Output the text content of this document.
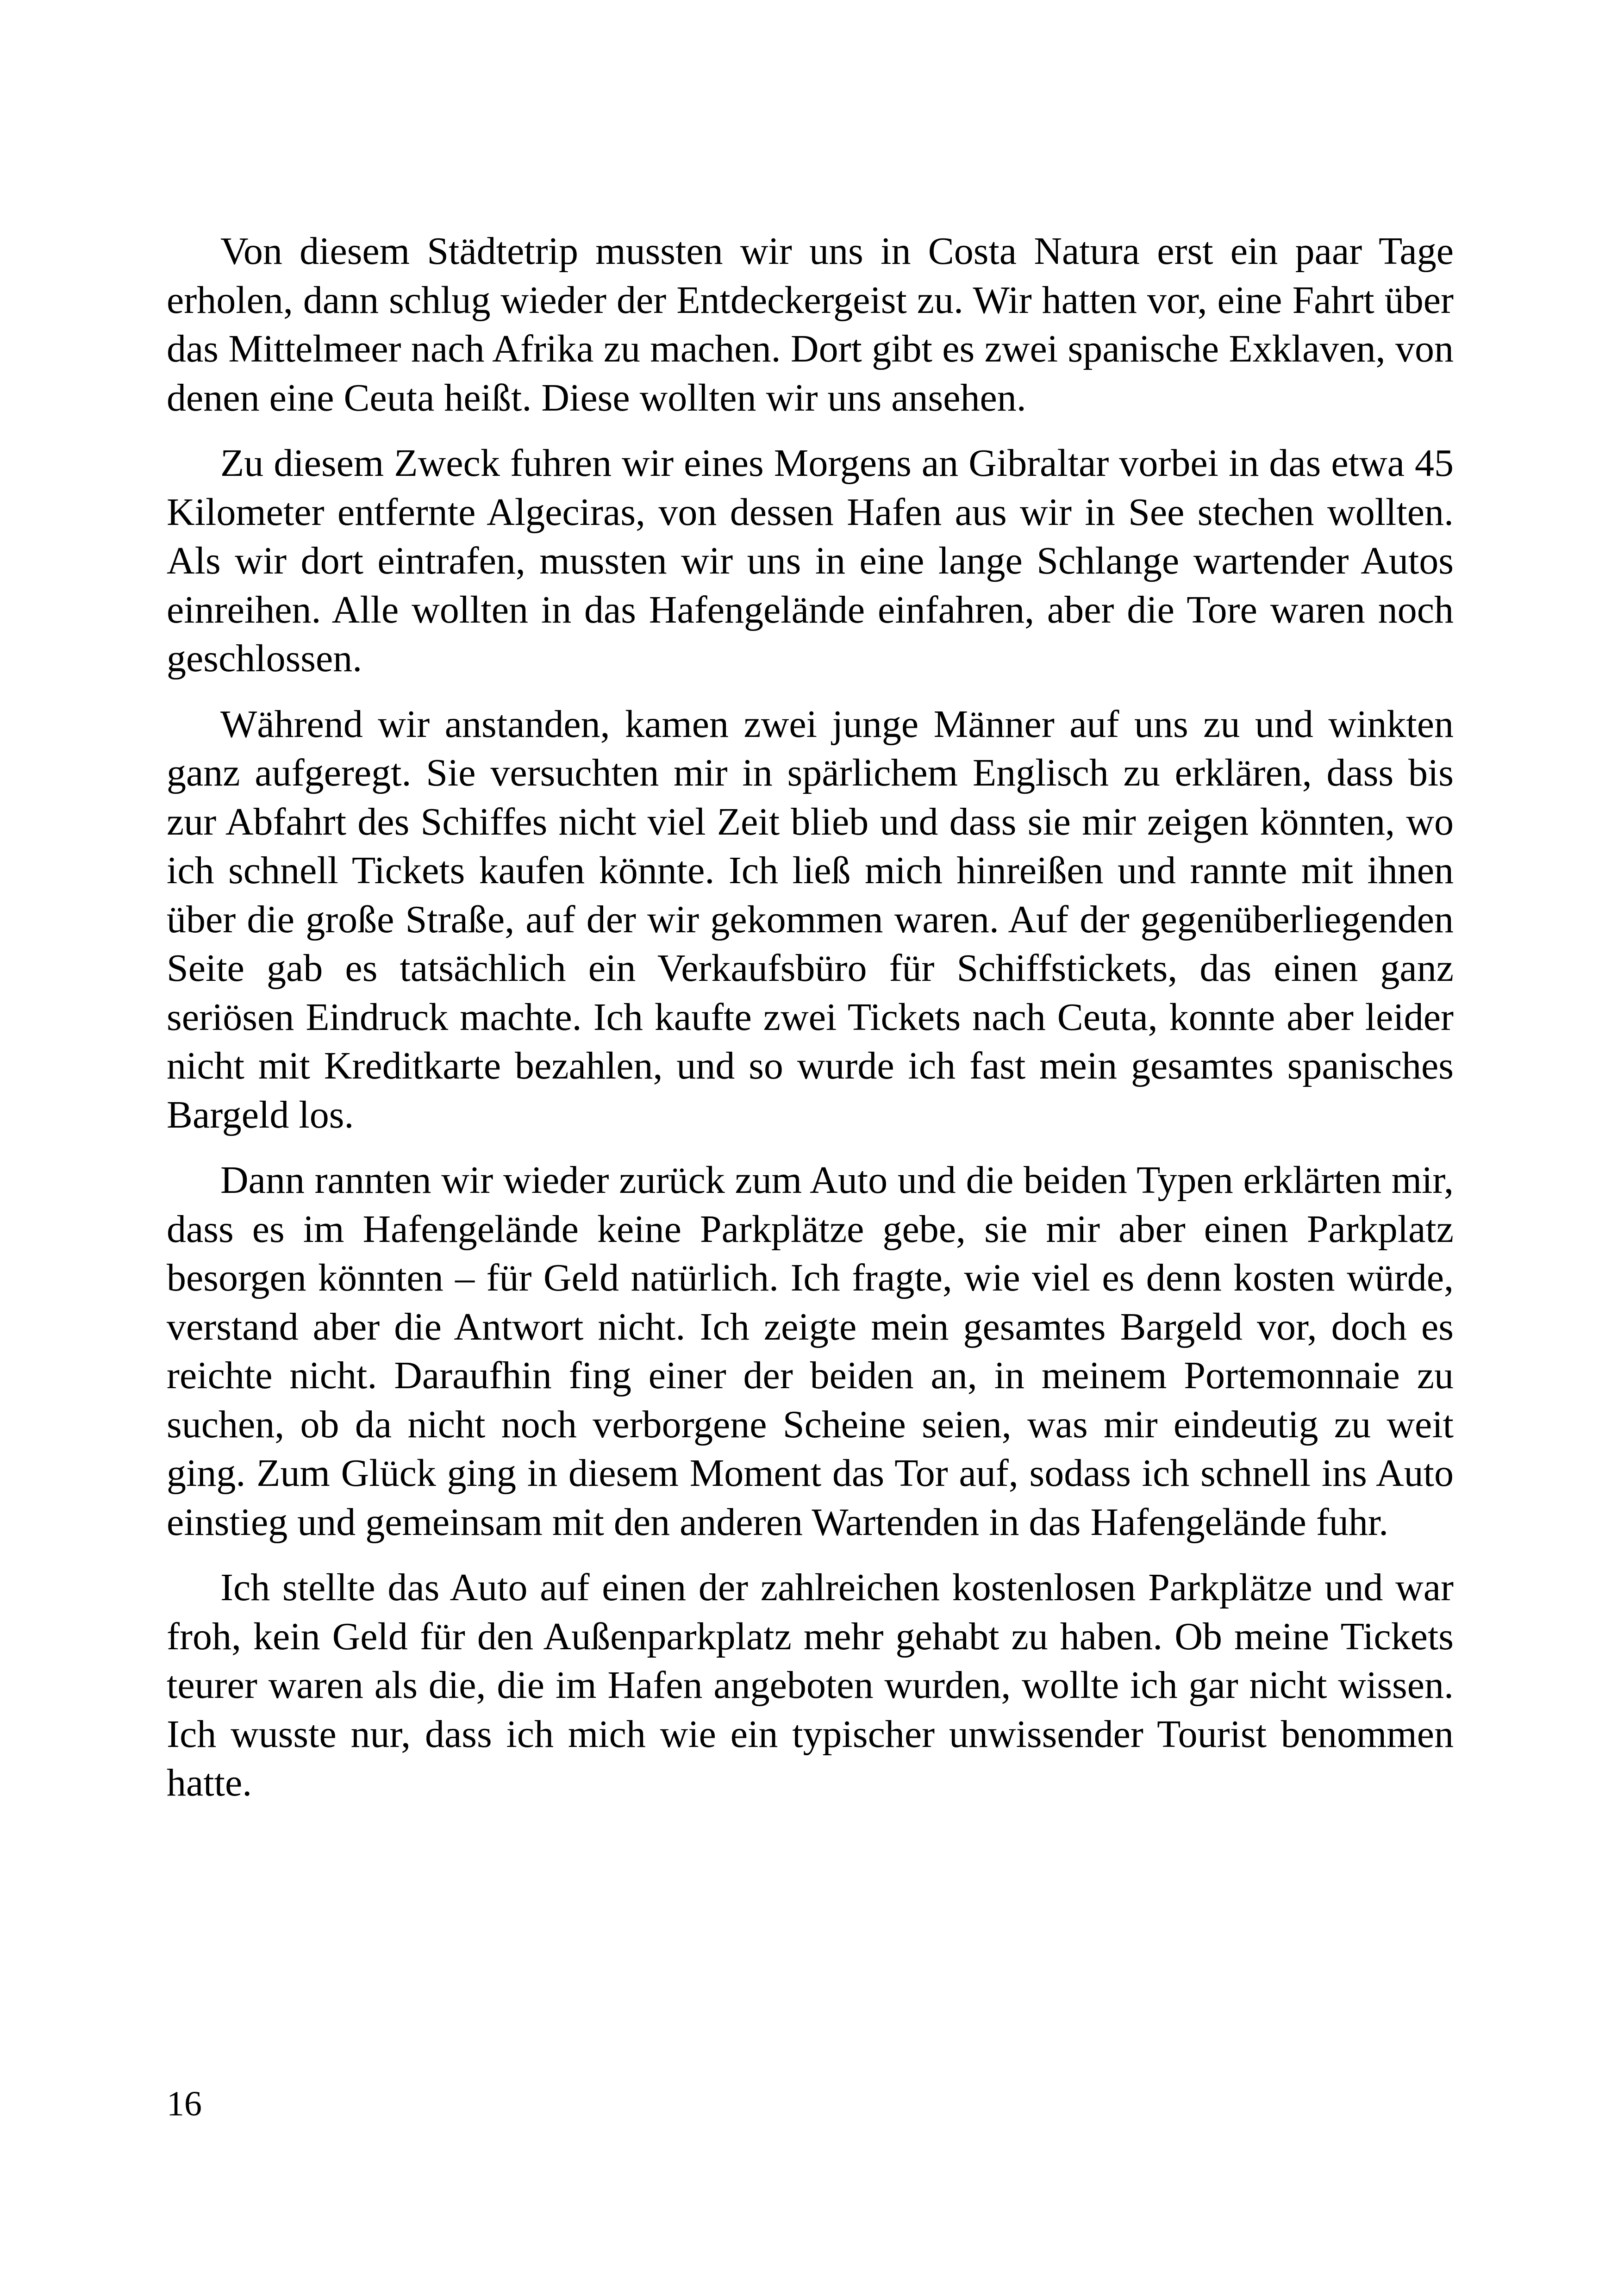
Von diesem Städtetrip mussten wir uns in Costa Natura erst ein paar Tage erholen, dann schlug wieder der Entdeckergeist zu. Wir hatten vor, eine Fahrt über das Mittelmeer nach Afrika zu machen. Dort gibt es zwei spanische Exklaven, von denen eine Ceuta heißt. Diese wollten wir uns ansehen.

Zu diesem Zweck fuhren wir eines Morgens an Gibraltar vorbei in das etwa 45 Kilometer entfernte Algeciras, von dessen Hafen aus wir in See stechen wollten. Als wir dort eintrafen, mussten wir uns in eine lange Schlange wartender Autos einreihen. Alle wollten in das Hafengelände einfahren, aber die Tore waren noch geschlossen.

Während wir anstanden, kamen zwei junge Männer auf uns zu und winkten ganz aufgeregt. Sie versuchten mir in spärlichem Englisch zu erklären, dass bis zur Abfahrt des Schiffes nicht viel Zeit blieb und dass sie mir zeigen könnten, wo ich schnell Tickets kaufen könnte. Ich ließ mich hinreißen und rannte mit ihnen über die große Straße, auf der wir gekommen waren. Auf der gegenüberliegenden Seite gab es tatsächlich ein Verkaufsbüro für Schiffstickets, das einen ganz seriösen Eindruck machte. Ich kaufte zwei Tickets nach Ceuta, konnte aber leider nicht mit Kreditkarte bezahlen, und so wurde ich fast mein gesamtes spanisches Bargeld los.

Dann rannten wir wieder zurück zum Auto und die beiden Typen erklärten mir, dass es im Hafengelände keine Parkplätze gebe, sie mir aber einen Parkplatz besorgen könnten – für Geld natürlich. Ich fragte, wie viel es denn kosten würde, verstand aber die Antwort nicht. Ich zeigte mein gesamtes Bargeld vor, doch es reichte nicht. Daraufhin fing einer der beiden an, in meinem Portemonnaie zu suchen, ob da nicht noch verborgene Scheine seien, was mir eindeutig zu weit ging. Zum Glück ging in diesem Moment das Tor auf, sodass ich schnell ins Auto einstieg und gemeinsam mit den anderen Wartenden in das Hafengelände fuhr.

Ich stellte das Auto auf einen der zahlreichen kostenlosen Parkplätze und war froh, kein Geld für den Außenparkplatz mehr gehabt zu haben. Ob meine Tickets teurer waren als die, die im Hafen angeboten wurden, wollte ich gar nicht wissen. Ich wusste nur, dass ich mich wie ein typischer unwissender Tourist benommen hatte.

16
